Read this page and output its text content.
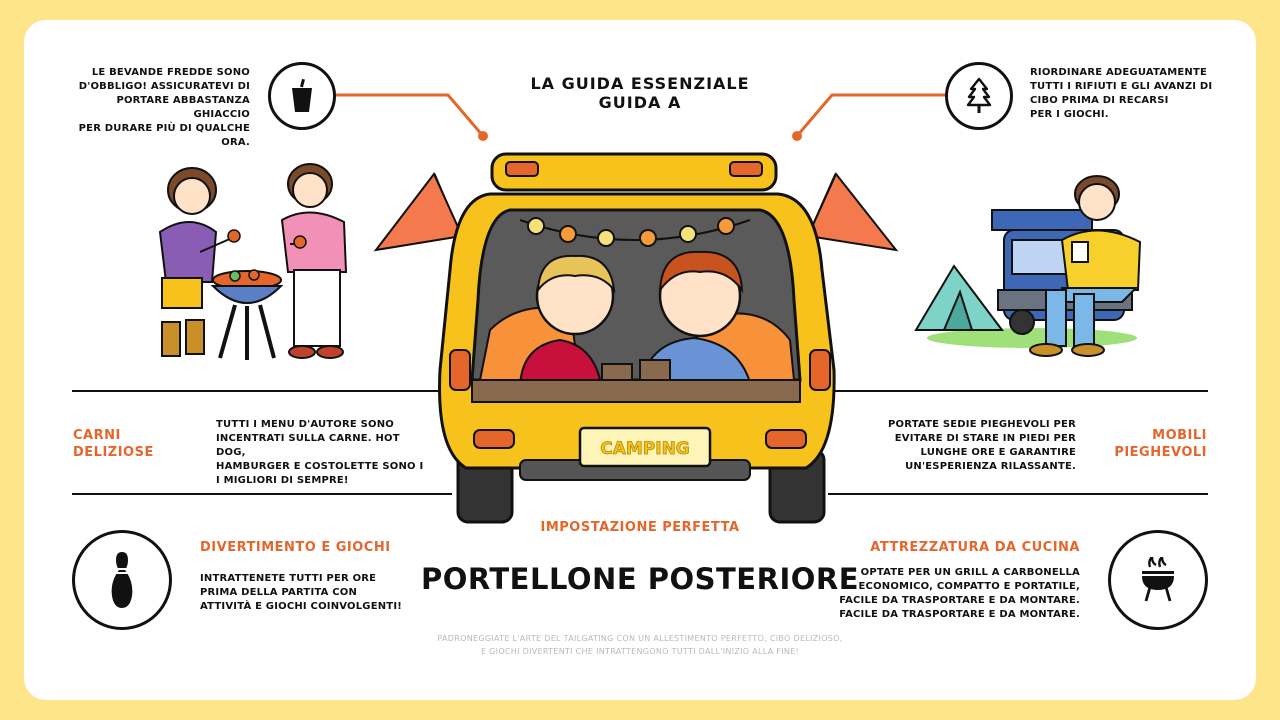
LA GUIDA ESSENZIALE
GUIDA A
LE BEVANDE FREDDE SONO
D'OBBLIGO! ASSICURATEVI DI
PORTARE ABBASTANZA GHIACCIO
PER DURARE PIÙ DI QUALCHE ORA.
RIORDINARE ADEGUATAMENTE
TUTTI I RIFIUTI E GLI AVANZI DI
CIBO PRIMA DI RECARSI
PER I GIOCHI.
CAMPING
CARNI
DELIZIOSE
TUTTI I MENU D'AUTORE SONO
INCENTRATI SULLA CARNE. HOT DOG,
HAMBURGER E COSTOLETTE SONO I
I MIGLIORI DI SEMPRE!
PORTATE SEDIE PIEGHEVOLI PER
EVITARE DI STARE IN PIEDI PER
LUNGHE ORE E GARANTIRE
UN'ESPERIENZA RILASSANTE.
MOBILI
PIEGHEVOLI
DIVERTIMENTO E GIOCHI
INTRATTENETE TUTTI PER ORE
PRIMA DELLA PARTITA CON
ATTIVITÀ E GIOCHI COINVOLGENTI!
ATTREZZATURA DA CUCINA
OPTATE PER UN GRILL A CARBONELLA
ECONOMICO, COMPATTO E PORTATILE,
FACILE DA TRASPORTARE E DA MONTARE.
FACILE DA TRASPORTARE E DA MONTARE.
IMPOSTAZIONE PERFETTA
PORTELLONE POSTERIORE
PADRONEGGIATE L'ARTE DEL TAILGATING CON UN ALLESTIMENTO PERFETTO, CIBO DELIZIOSO,
E GIOCHI DIVERTENTI CHE INTRATTENGONO TUTTI DALL'INIZIO ALLA FINE!
